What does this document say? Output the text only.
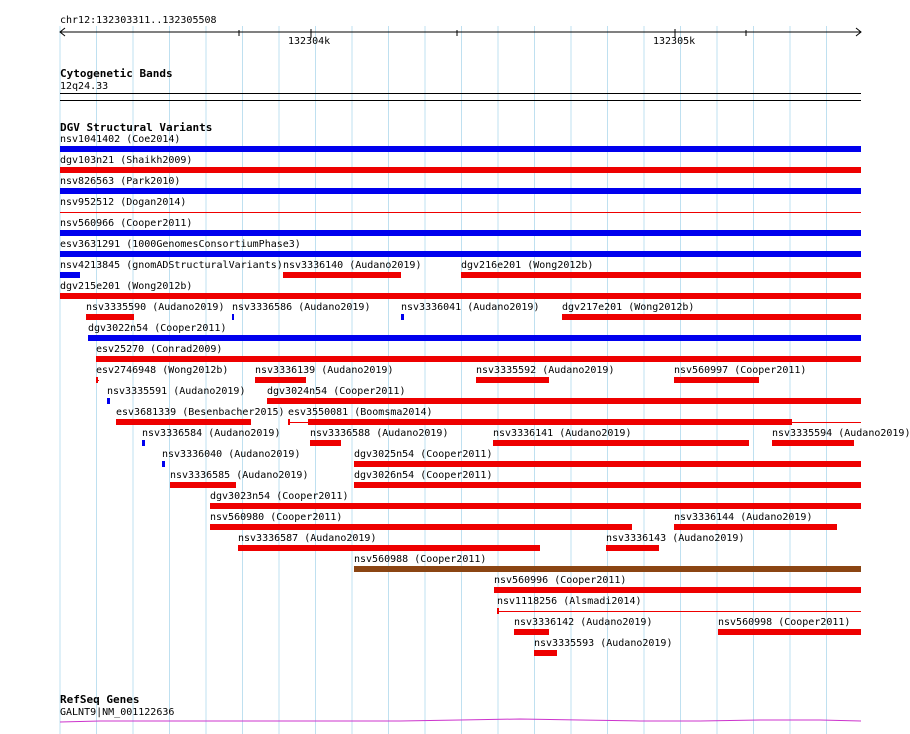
chr12:132303311..132305508
132304k	132305k
Cytogenetic Bands
12q24.33
DGV Structural Variants
nsv1041402 (Coe2014)
dgv103n21 (Shaikh2009)
nsv826563 (Park2010)
nsv952512 (Dogan2014)
nsv560966 (Cooper2011)
esv3631291 (1000GenomesConsortiumPhase3)
nsv4213845 (gnomADStructuralVariants) nsv3336140 (Audano2019)	dgv216e201 (Wong2012b)
dgv215e201 (Wong2012b)
nsv3335590 (Audano2019) nsv3336586 (Audano2019)	nsv3336041 (Audano2019) dgv217e201 (Wong2012b)
dgv3022n54 (Cooper2011)
esv25270 (Conrad2009)
esv2746948 (Wong2012b)	nsv3336139 (Audano2019)	nsv3335592 (Audano2019)	nsv560997 (Cooper2011)
nsv3335591 (Audano2019) dgv3024n54 (Cooper2011)
esv3681339 (Besenbacher2015) esv3550081 (Boomsma2014)
nsv3336584 (Audano2019)	nsv3336588 (Audano2019)	nsv3336141 (Audano2019)	nsv3335594 (Audano2019)
nsv3336040 (Audano2019)	dgv3025n54 (Cooper2011)
nsv3336585 (Audano2019)	dgv3026n54 (Cooper2011)
dgv3023n54 (Cooper2011)
nsv560980 (Cooper2011)	nsv3336144 (Audano2019)
nsv3336587 (Audano2019)	nsv3336143 (Audano2019)
nsv560988 (Cooper2011)
nsv560996 (Cooper2011)
nsv1118256 (Alsmadi2014)
nsv3336142 (Audano2019)	nsv560998 (Cooper2011)
nsv3335593 (Audano2019)
RefSeq Genes
GALNT9|NM_001122636
